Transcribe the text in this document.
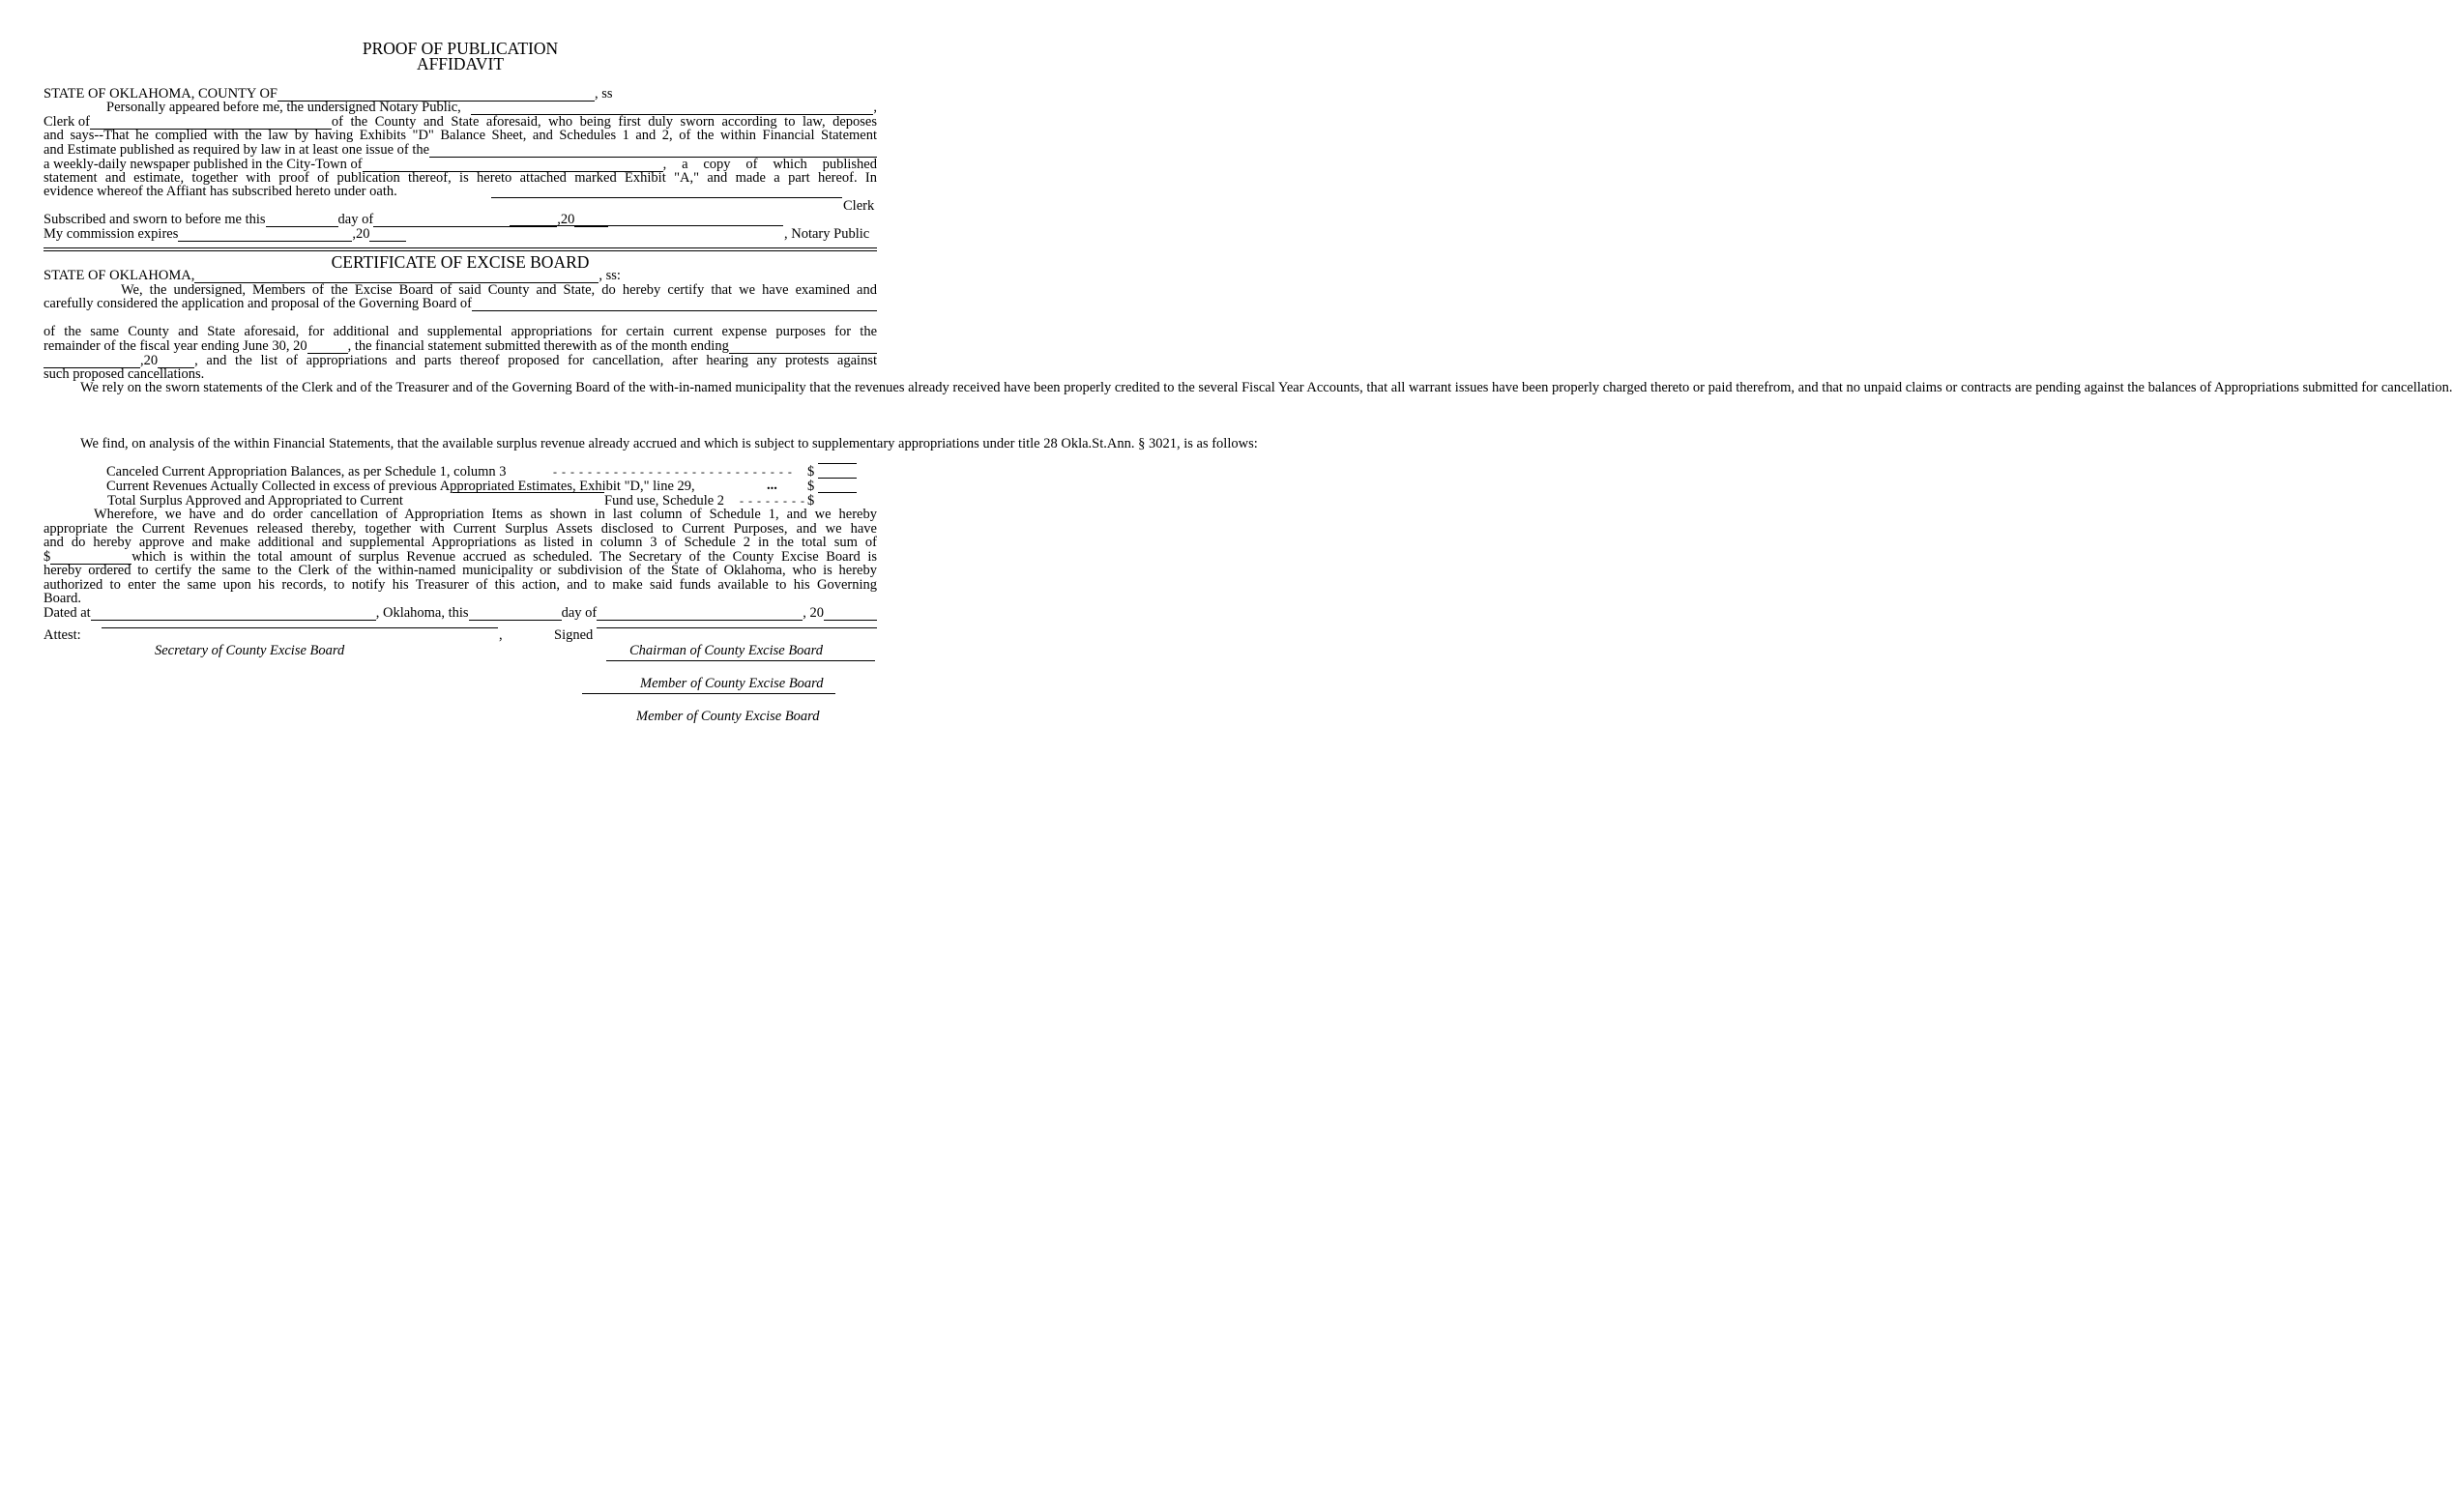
PROOF OF PUBLICATION
AFFIDAVIT
STATE OF OKLAHOMA, COUNTY OF	, ss
Personally appeared before me, the undersigned Notary Public,	,
Clerk of	of the County and State aforesaid, who being first duly sworn according to law, deposes
and says--That he complied with the law by having Exhibits "D" Balance Sheet, and Schedules 1 and 2, of the within Financial Statement
and Estimate published as required by law in at least one issue of the
a weekly-daily newspaper published in the City-Town of	, a copy of which published
statement and estimate, together with proof of publication thereof, is hereto attached marked Exhibit "A," and made a part hereof. In
evidence whereof the Affiant has subscribed hereto under oath.
Clerk
Subscribed and sworn to before me this	day of	,20
My commission expires	,20	, Notary Public
CERTIFICATE OF EXCISE BOARD
STATE OF OKLAHOMA,	, ss:
We, the undersigned, Members of the Excise Board of said County and State, do hereby certify that we have examined and
carefully considered the application and proposal of the Governing Board of
of the same County and State aforesaid, for additional and supplemental appropriations for certain current expense purposes for the
remainder of the fiscal year ending June 30, 20	, the financial statement submitted therewith as of the month ending
,20	, and the list of appropriations and parts thereof proposed for cancellation, after hearing any protests against
such proposed cancellations.
We rely on the sworn statements of the Clerk and of the Treasurer and of the Governing Board of the with-in-named municipality that the revenues already received have been properly credited to the several Fiscal Year Accounts, that all warrant issues have been properly charged thereto or paid therefrom, and that no unpaid claims or contracts are pending against the balances of Appropriations submitted for cancellation.
We find, on analysis of the within Financial Statements, that the available surplus revenue already accrued and which is subject to supplementary appropriations under title 28 Okla.St.Ann. § 3021, is as follows:
Canceled Current Appropriation Balances, as per Schedule 1, column 3	- - - - - - - - - - - - - - - - - - - - - - - - - - - - $
Current Revenues Actually Collected in excess of previous Appropriated Estimates, Exhibit "D," line 29,	... $
Total Surplus Approved and Appropriated to Current	Fund use, Schedule 2 - - - - - - - - $
Wherefore, we have and do order cancellation of Appropriation Items as shown in last column of Schedule 1, and we hereby
appropriate the Current Revenues released thereby, together with Current Surplus Assets disclosed to Current Purposes, and we have
and do hereby approve and make additional and supplemental Appropriations as listed in column 3 of Schedule 2 in the total sum of
$	which is within the total amount of surplus Revenue accrued as scheduled. The Secretary of the County Excise Board is
hereby ordered to certify the same to the Clerk of the within-named municipality or subdivision of the State of Oklahoma, who is hereby
authorized to enter the same upon his records, to notify his Treasurer of this action, and to make said funds available to his Governing
Board.
Dated at	, Oklahoma, this	day of	, 20
Attest:	,
Secretary of County Excise Board
Signed
Chairman of County Excise Board
Member of County Excise Board
Member of County Excise Board
